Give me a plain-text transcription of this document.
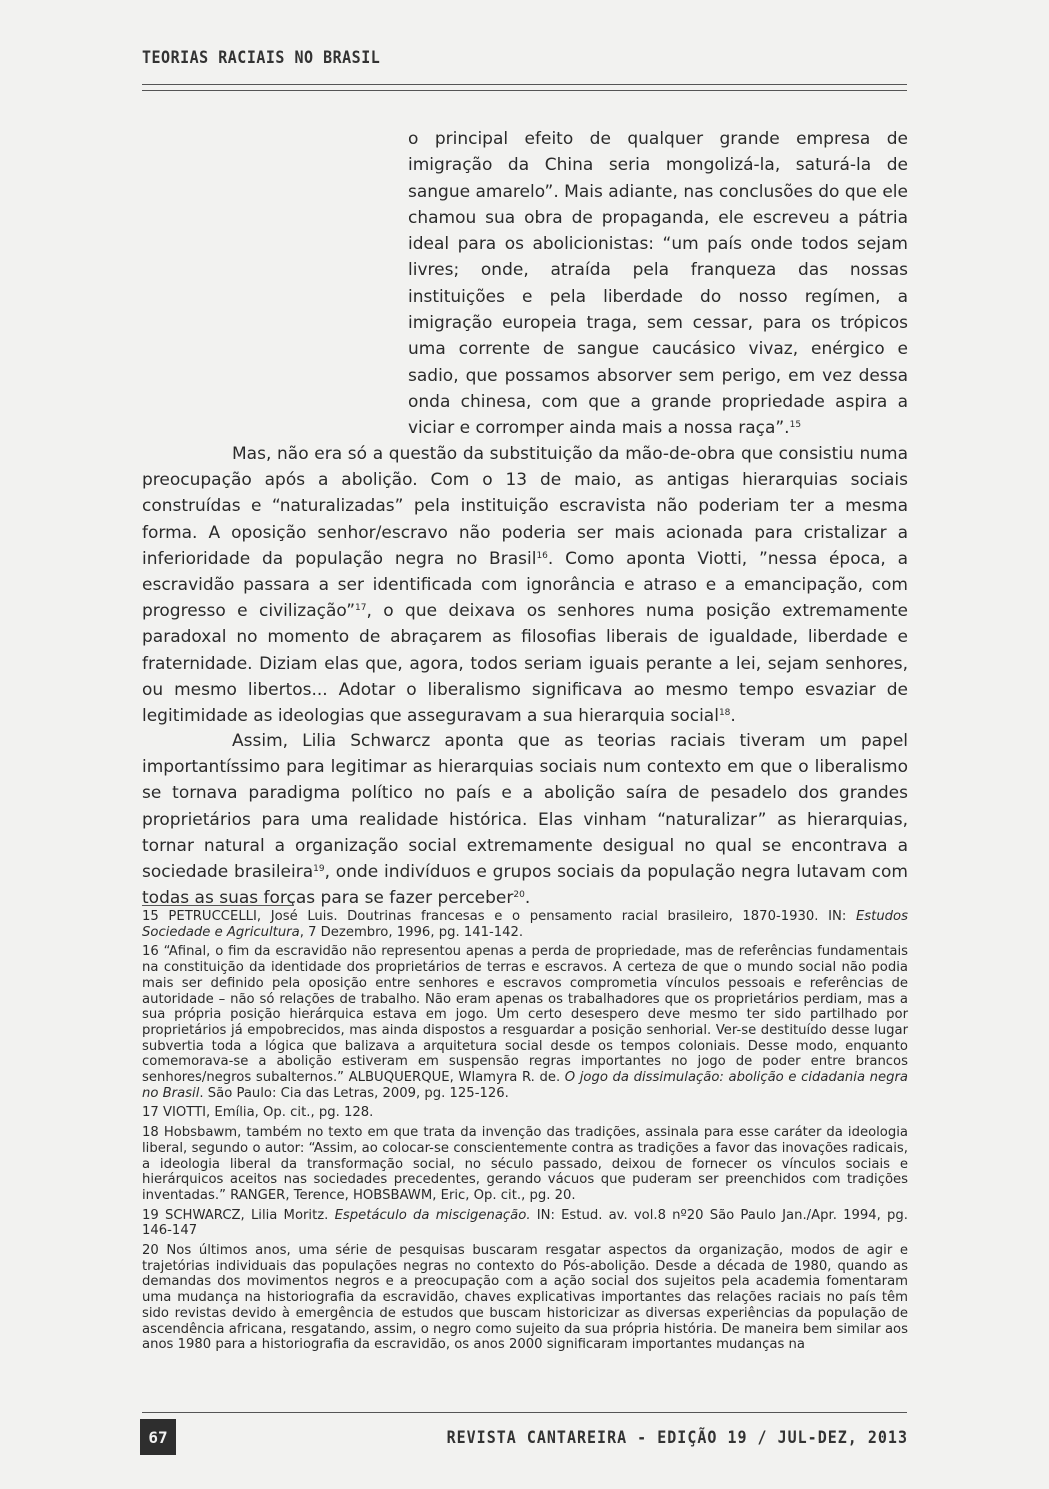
TEORIAS RACIAIS NO BRASIL
o principal efeito de qualquer grande empresa de imigração da China seria mongolizá-la, saturá-la de sangue amarelo”. Mais adiante, nas conclusões do que ele chamou sua obra de propaganda, ele escreveu a pátria ideal para os abolicionistas: “um país onde todos sejam livres; onde, atraída pela franqueza das nossas instituições e pela liberdade do nosso regímen, a imigração europeia traga, sem cessar, para os trópicos uma corrente de sangue caucásico vivaz, enérgico e sadio, que possamos absorver sem perigo, em vez dessa onda chinesa, com que a grande propriedade aspira a viciar e corromper ainda mais a nossa raça”.$^{15}$
Mas, não era só a questão da substituição da mão-de-obra que consistiu numa preocupação após a abolição. Com o 13 de maio, as antigas hierarquias sociais construídas e “naturalizadas” pela instituição escravista não poderiam ter a mesma forma. A oposição senhor/escravo não poderia ser mais acionada para cristalizar a inferioridade da população negra no Brasil$^{16}$. Como aponta Viotti, ”nessa época, a escravidão passara a ser identificada com ignorância e atraso e a emancipação, com progresso e civilização”$^{17}$, o que deixava os senhores numa posição extremamente paradoxal no momento de abraçarem as filosofias liberais de igualdade, liberdade e fraternidade. Diziam elas que, agora, todos seriam iguais perante a lei, sejam senhores, ou mesmo libertos... Adotar o liberalismo significava ao mesmo tempo esvaziar de legitimidade as ideologias que asseguravam a sua hierarquia social$^{18}$.
Assim, Lilia Schwarcz aponta que as teorias raciais tiveram um papel importantíssimo para legitimar as hierarquias sociais num contexto em que o liberalismo se tornava paradigma político no país e a abolição saíra de pesadelo dos grandes proprietários para uma realidade histórica. Elas vinham “naturalizar” as hierarquias, tornar natural a organização social extremamente desigual no qual se encontrava a sociedade brasileira$^{19}$, onde indivíduos e grupos sociais da população negra lutavam com todas as suas forças para se fazer perceber$^{20}$.
15 PETRUCCELLI, José Luis. Doutrinas francesas e o pensamento racial brasileiro, 1870-1930. IN: Estudos Sociedade e Agricultura, 7 Dezembro, 1996, pg. 141-142.
16 “Afinal, o fim da escravidão não representou apenas a perda de propriedade, mas de referências fundamentais na constituição da identidade dos proprietários de terras e escravos. A certeza de que o mundo social não podia mais ser definido pela oposição entre senhores e escravos comprometia vínculos pessoais e referências de autoridade – não só relações de trabalho. Não eram apenas os trabalhadores que os proprietários perdiam, mas a sua própria posição hierárquica estava em jogo. Um certo desespero deve mesmo ter sido partilhado por proprietários já empobrecidos, mas ainda dispostos a resguardar a posição senhorial. Ver-se destituído desse lugar subvertia toda a lógica que balizava a arquitetura social desde os tempos coloniais. Desse modo, enquanto comemorava-se a abolição estiveram em suspensão regras importantes no jogo de poder entre brancos senhores/negros subalternos.” ALBUQUERQUE, Wlamyra R. de. O jogo da dissimulação: abolição e cidadania negra no Brasil. São Paulo: Cia das Letras, 2009, pg. 125-126.
17 VIOTTI, Emília, Op. cit., pg. 128.
18 Hobsbawm, também no texto em que trata da invenção das tradições, assinala para esse caráter da ideologia liberal, segundo o autor: “Assim, ao colocar-se conscientemente contra as tradições a favor das inovações radicais, a ideologia liberal da transformação social, no século passado, deixou de fornecer os vínculos sociais e hierárquicos aceitos nas sociedades precedentes, gerando vácuos que puderam ser preenchidos com tradições inventadas.” RANGER, Terence, HOBSBAWM, Eric, Op. cit., pg. 20.
19 SCHWARCZ, Lilia Moritz. Espetáculo da miscigenação. IN: Estud. av. vol.8 nº20 São Paulo Jan./Apr. 1994, pg. 146-147
20 Nos últimos anos, uma série de pesquisas buscaram resgatar aspectos da organização, modos de agir e trajetórias individuais das populações negras no contexto do Pós-abolição. Desde a década de 1980, quando as demandas dos movimentos negros e a preocupação com a ação social dos sujeitos pela academia fomentaram uma mudança na historiografia da escravidão, chaves explicativas importantes das relações raciais no país têm sido revistas devido à emergência de estudos que buscam historicizar as diversas experiências da população de ascendência africana, resgatando, assim, o negro como sujeito da sua própria história. De maneira bem similar aos anos 1980 para a historiografia da escravidão, os anos 2000 significaram importantes mudanças na
67	REVISTA CANTAREIRA - EDIÇÃO 19 / JUL-DEZ, 2013
